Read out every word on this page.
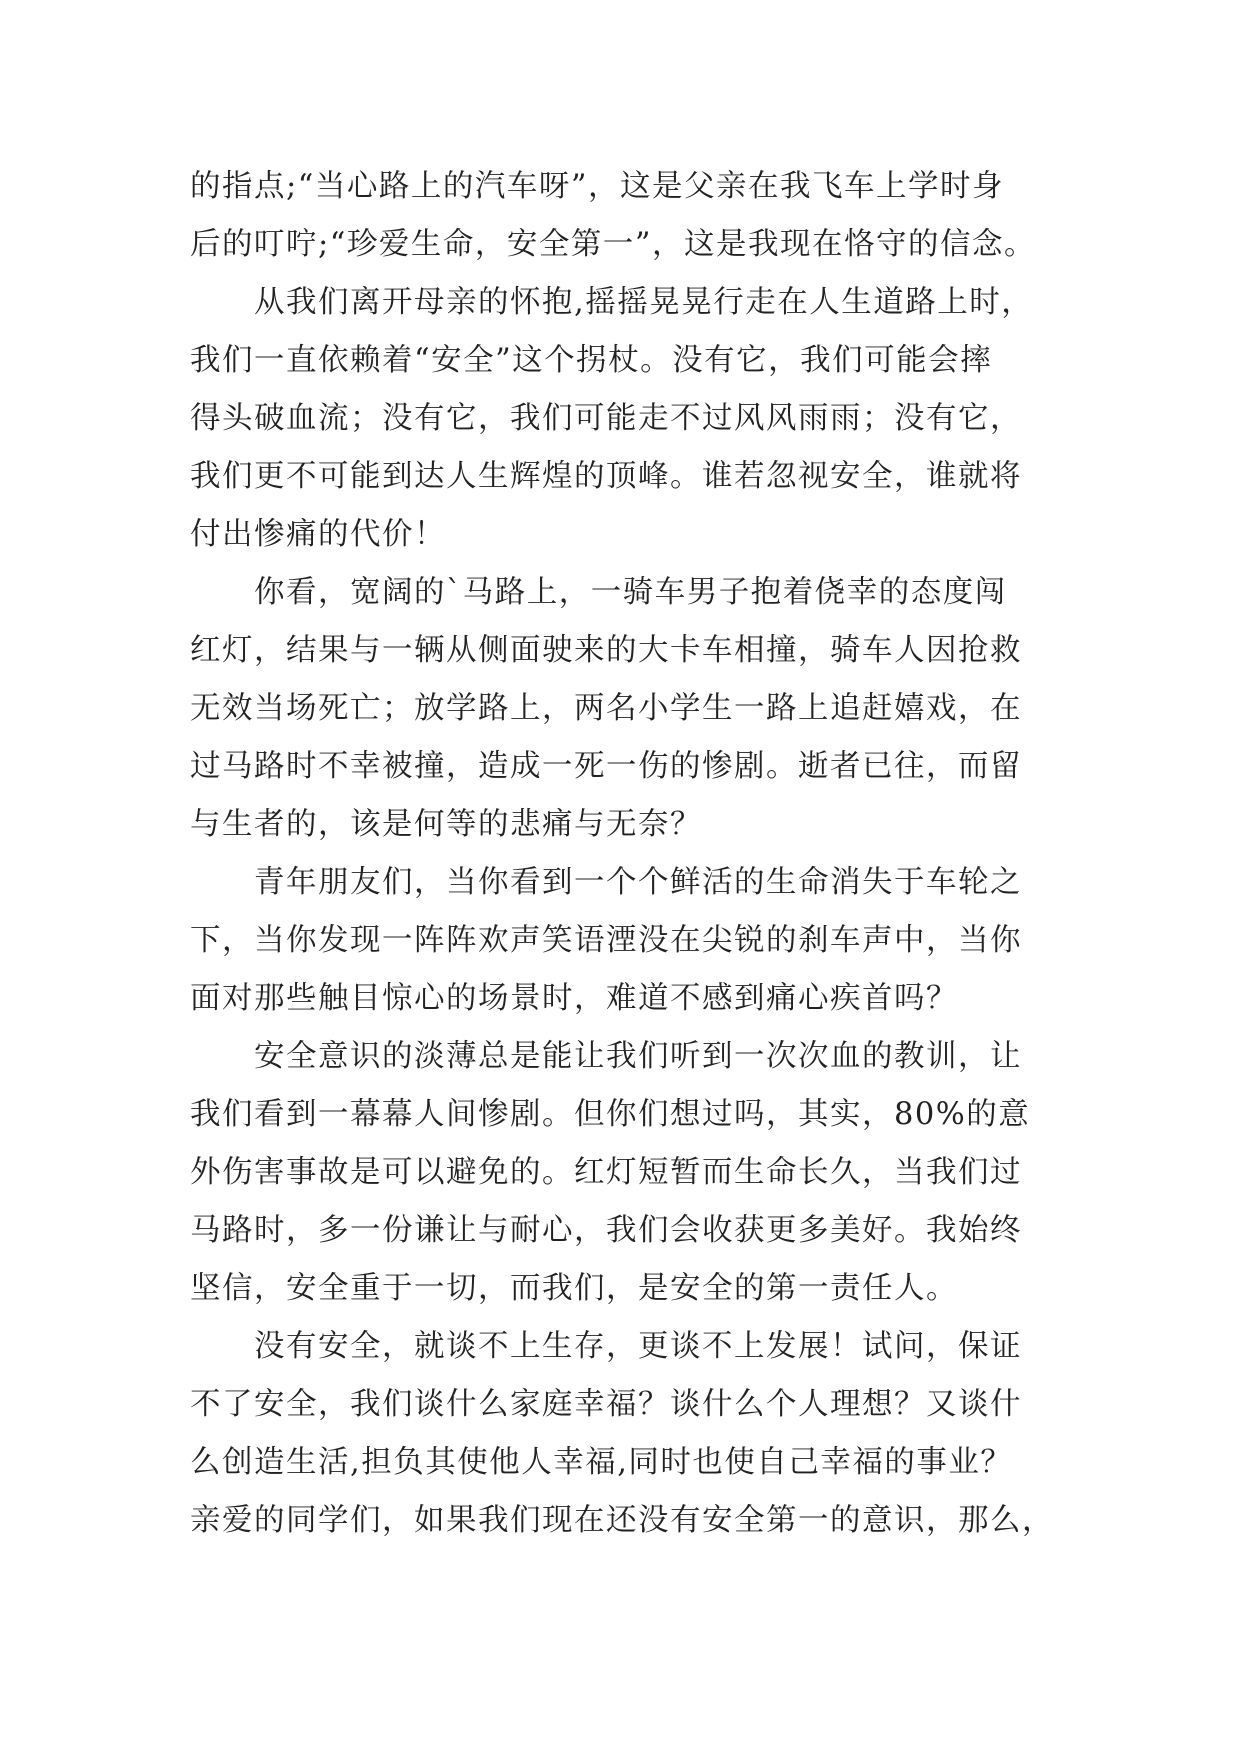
的指点;“当心路上的汽车呀”，这是父亲在我飞车上学时身
后的叮咛;“珍爱生命，安全第一”，这是我现在恪守的信念。
从我们离开母亲的怀抱,摇摇晃晃行走在人生道路上时，
我们一直依赖着“安全”这个拐杖。没有它，我们可能会摔
得头破血流；没有它，我们可能走不过风风雨雨；没有它，
我们更不可能到达人生辉煌的顶峰。谁若忽视安全，谁就将
付出惨痛的代价！
你看，宽阔的`马路上，一骑车男子抱着侥幸的态度闯
红灯，结果与一辆从侧面驶来的大卡车相撞，骑车人因抢救
无效当场死亡；放学路上，两名小学生一路上追赶嬉戏，在
过马路时不幸被撞，造成一死一伤的惨剧。逝者已往，而留
与生者的，该是何等的悲痛与无奈？
青年朋友们，当你看到一个个鲜活的生命消失于车轮之
下，当你发现一阵阵欢声笑语湮没在尖锐的刹车声中，当你
面对那些触目惊心的场景时，难道不感到痛心疾首吗？
安全意识的淡薄总是能让我们听到一次次血的教训，让
我们看到一幕幕人间惨剧。但你们想过吗，其实，80%的意
外伤害事故是可以避免的。红灯短暂而生命长久，当我们过
马路时，多一份谦让与耐心，我们会收获更多美好。我始终
坚信，安全重于一切，而我们，是安全的第一责任人。
没有安全，就谈不上生存，更谈不上发展！试问，保证
不了安全，我们谈什么家庭幸福？谈什么个人理想？又谈什
么创造生活,担负其使他人幸福,同时也使自己幸福的事业？
亲爱的同学们，如果我们现在还没有安全第一的意识，那么，
